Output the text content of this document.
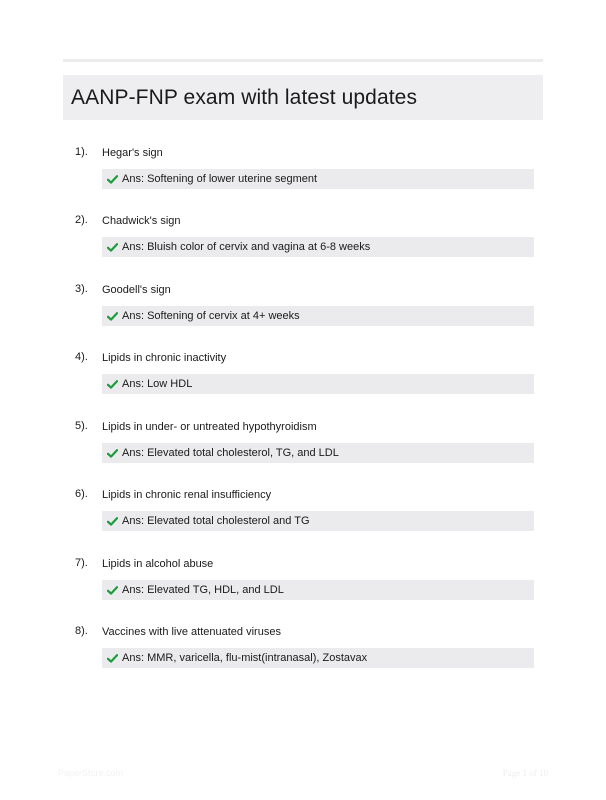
AANP-FNP exam with latest updates
1). Hegar's sign
Ans: Softening of lower uterine segment
2). Chadwick's sign
Ans: Bluish color of cervix and vagina at 6-8 weeks
3). Goodell's sign
Ans: Softening of cervix at 4+ weeks
4). Lipids in chronic inactivity
Ans: Low HDL
5). Lipids in under- or untreated hypothyroidism
Ans: Elevated total cholesterol, TG, and LDL
6). Lipids in chronic renal insufficiency
Ans: Elevated total cholesterol and TG
7). Lipids in alcohol abuse
Ans: Elevated TG, HDL, and LDL
8). Vaccines with live attenuated viruses
Ans: MMR, varicella, flu-mist(intranasal), Zostavax
PaperStore.com	Page 1 of 10
